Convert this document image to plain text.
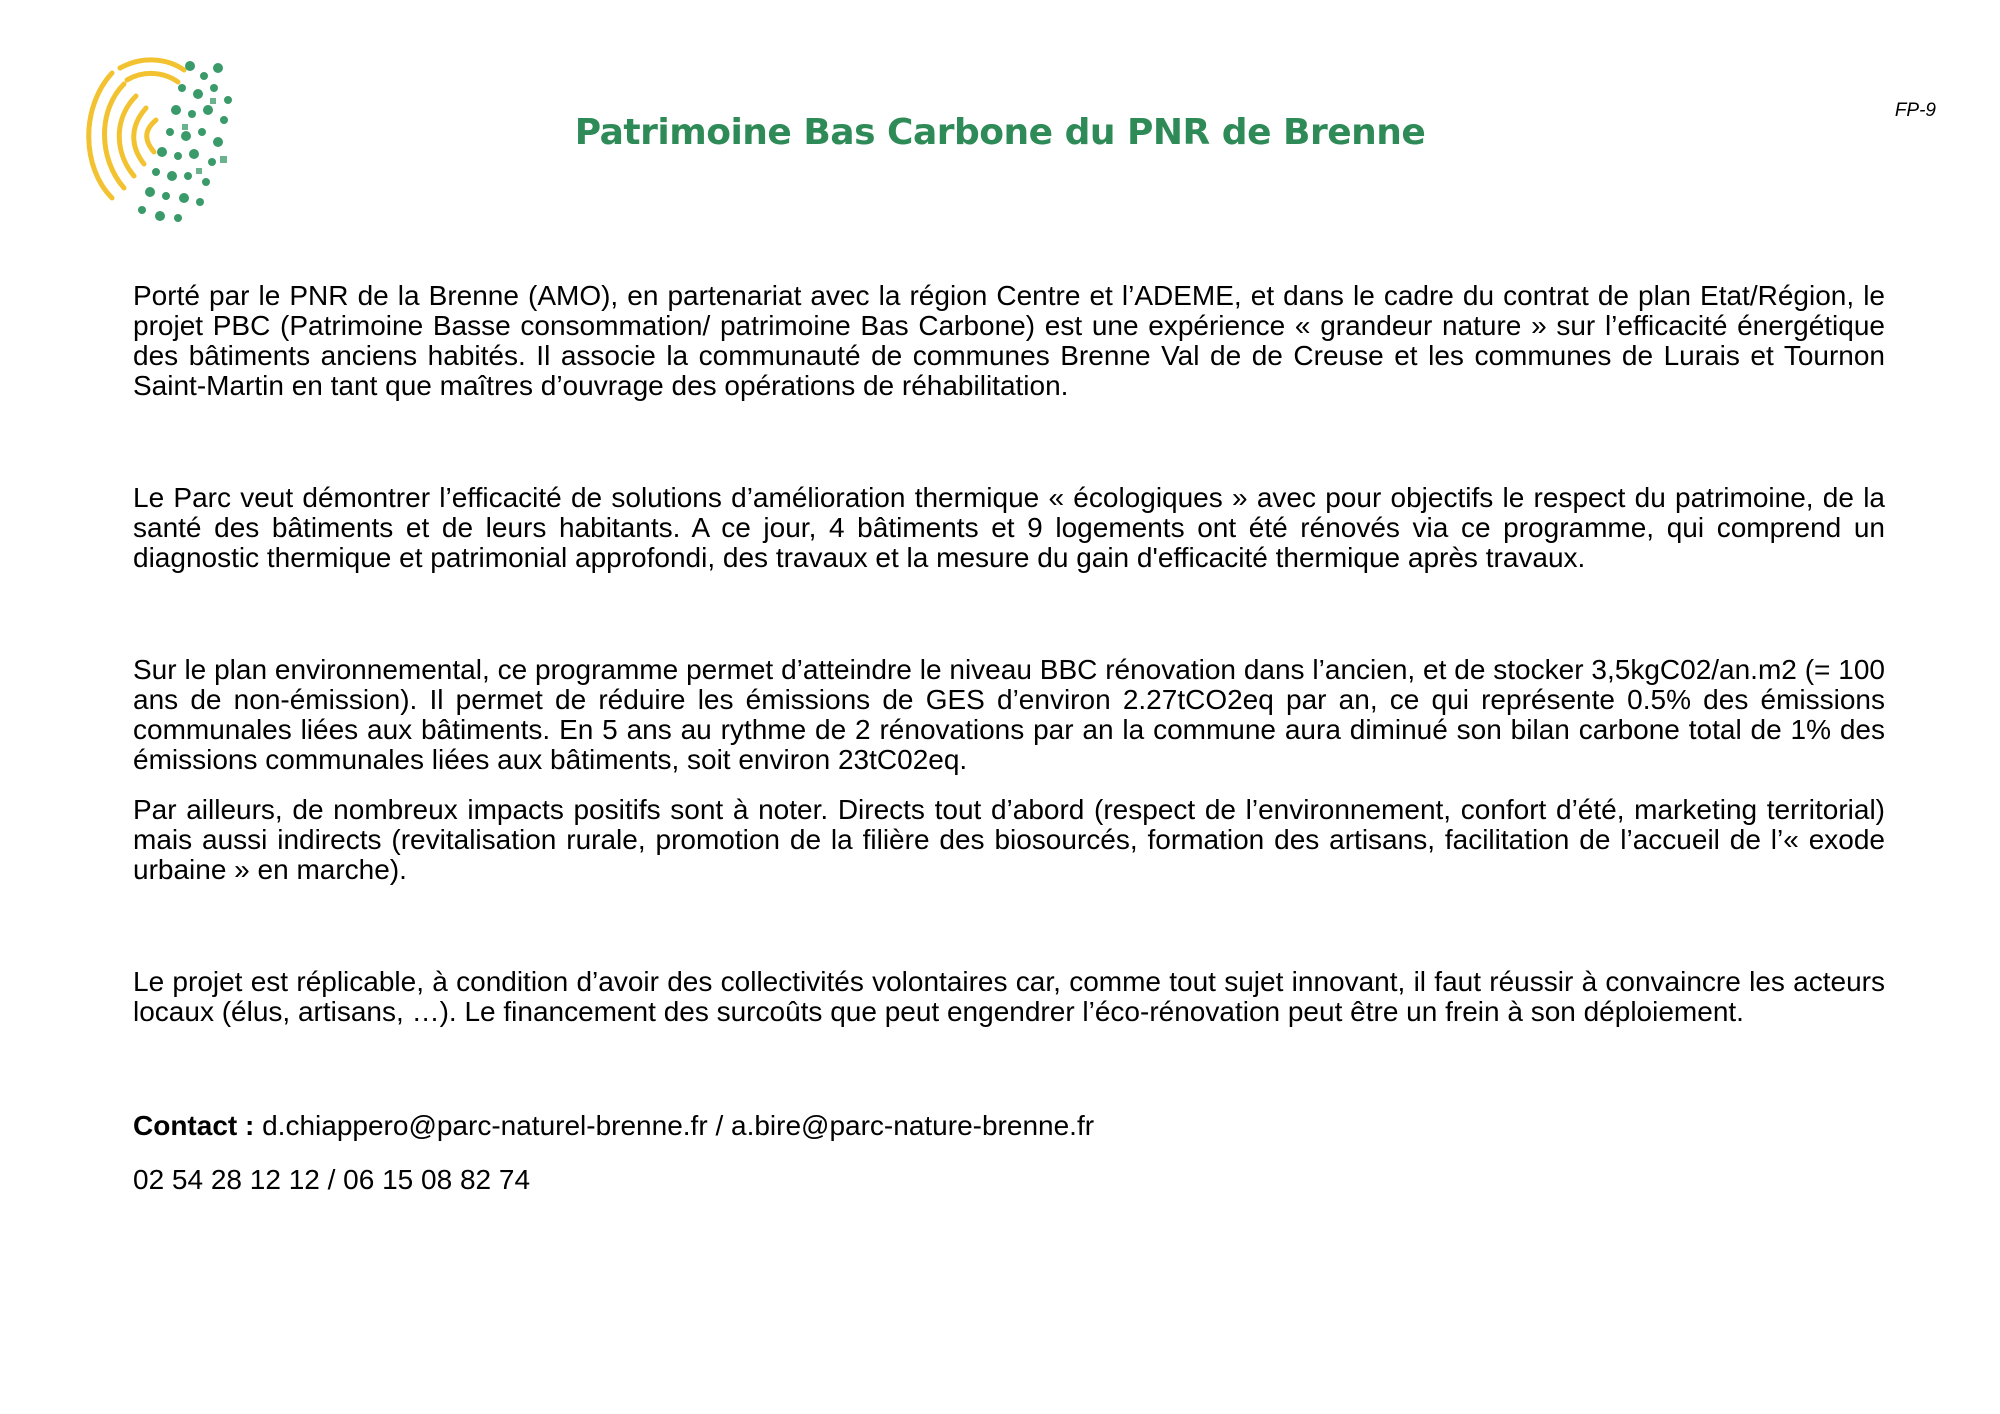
FP-9
Patrimoine Bas Carbone du PNR de Brenne

Porté par le PNR de la Brenne (AMO), en partenariat avec la région Centre et l’ADEME, et dans le cadre du contrat de plan Etat/Région, le projet PBC (Patrimoine Basse consommation/ patrimoine Bas Carbone) est une expérience « grandeur nature » sur l’efficacité énergétique des bâtiments anciens habités. Il associe la communauté de communes Brenne Val de de Creuse et les communes de Lurais et Tournon Saint-Martin en tant que maîtres d’ouvrage des opérations de réhabilitation.

Le Parc veut démontrer l’efficacité de solutions d’amélioration thermique « écologiques » avec pour objectifs le respect du patrimoine, de la santé des bâtiments et de leurs habitants. A ce jour, 4 bâtiments et 9 logements ont été rénovés via ce programme, qui comprend un diagnostic thermique et patrimonial approfondi, des travaux et la mesure du gain d'efficacité thermique après travaux.

Sur le plan environnemental, ce programme permet d’atteindre le niveau BBC rénovation dans l’ancien, et de stocker 3,5kgC02/an.m2 (= 100 ans de non-émission). Il permet de réduire les émissions de GES d’environ 2.27tCO2eq par an, ce qui représente 0.5% des émissions communales liées aux bâtiments. En 5 ans au rythme de 2 rénovations par an la commune aura diminué son bilan carbone total de 1% des émissions communales liées aux bâtiments, soit environ 23tC02eq.

Par ailleurs, de nombreux impacts positifs sont à noter. Directs tout d’abord (respect de l’environnement, confort d’été, marketing territorial) mais aussi indirects (revitalisation rurale, promotion de la filière des biosourcés, formation des artisans, facilitation de l’accueil de l’« exode urbaine » en marche).

Le projet est réplicable, à condition d’avoir des collectivités volontaires car, comme tout sujet innovant, il faut réussir à convaincre les acteurs locaux (élus, artisans, …). Le financement des surcoûts que peut engendrer l’éco-rénovation peut être un frein à son déploiement.

Contact : d.chiappero@parc-naturel-brenne.fr / a.bire@parc-nature-brenne.fr

02 54 28 12 12 / 06 15 08 82 74
